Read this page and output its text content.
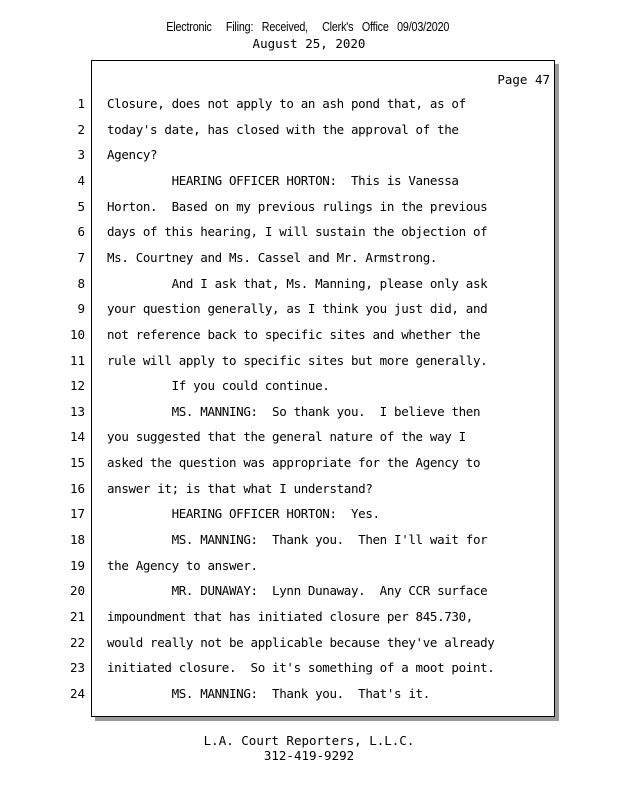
Electronic     Filing:   Received,     Clerk's   Office   09/03/2020
August 25, 2020
Page 47
1 Closure, does not apply to an ash pond that, as of
2 today's date, has closed with the approval of the
3 Agency?
4 HEARING OFFICER HORTON:  This is Vanessa
5 Horton.  Based on my previous rulings in the previous
6 days of this hearing, I will sustain the objection of
7 Ms. Courtney and Ms. Cassel and Mr. Armstrong.
8 And I ask that, Ms. Manning, please only ask
9 your question generally, as I think you just did, and
10 not reference back to specific sites and whether the
11 rule will apply to specific sites but more generally.
12 If you could continue.
13 MS. MANNING:  So thank you.  I believe then
14 you suggested that the general nature of the way I
15 asked the question was appropriate for the Agency to
16 answer it; is that what I understand?
17 HEARING OFFICER HORTON:  Yes.
18 MS. MANNING:  Thank you.  Then I'll wait for
19 the Agency to answer.
20 MR. DUNAWAY:  Lynn Dunaway.  Any CCR surface
21 impoundment that has initiated closure per 845.730,
22 would really not be applicable because they've already
23 initiated closure.  So it's something of a moot point.
24 MS. MANNING:  Thank you.  That's it.
L.A. Court Reporters, L.L.C.
312-419-9292
